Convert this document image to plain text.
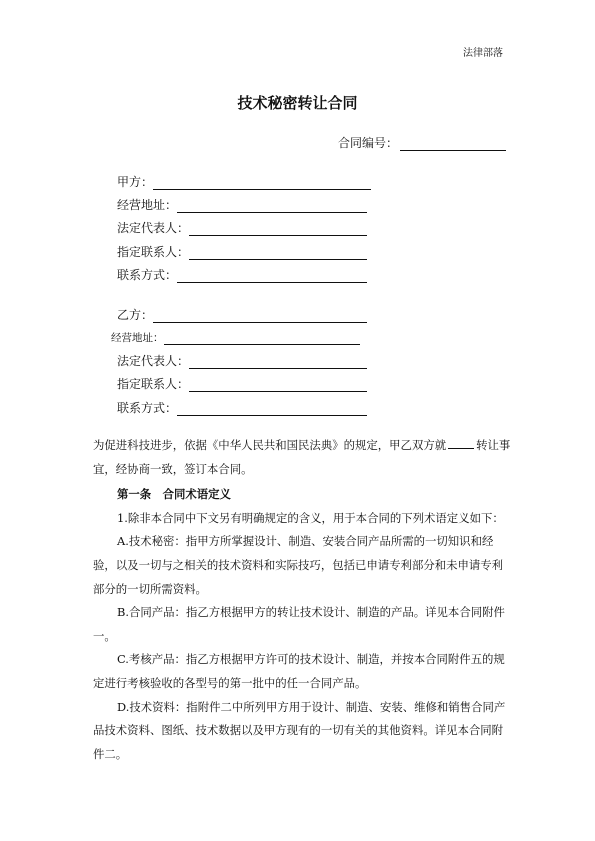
法律部落
技术秘密转让合同
合同编号：
甲方：
经营地址：
法定代表人：
指定联系人：
联系方式：
乙方：
经营地址：
法定代表人：
指定联系人：
联系方式：

为促进科技进步，依据《中华人民共和国民法典》的规定，甲乙双方就	转让事宜，经协商一致，签订本合同。

第一条　合同术语定义

1.除非本合同中下文另有明确规定的含义，用于本合同的下列术语定义如下：

A.技术秘密：指甲方所掌握设计、制造、安装合同产品所需的一切知识和经验，以及一切与之相关的技术资料和实际技巧，包括已申请专利部分和未申请专利部分的一切所需资料。

B.合同产品：指乙方根据甲方的转让技术设计、制造的产品。详见本合同附件一。

C.考核产品：指乙方根据甲方许可的技术设计、制造，并按本合同附件五的规定进行考核验收的各型号的第一批中的任一合同产品。

D.技术资料：指附件二中所列甲方用于设计、制造、安装、维修和销售合同产品技术资料、图纸、技术数据以及甲方现有的一切有关的其他资料。详见本合同附件二。
